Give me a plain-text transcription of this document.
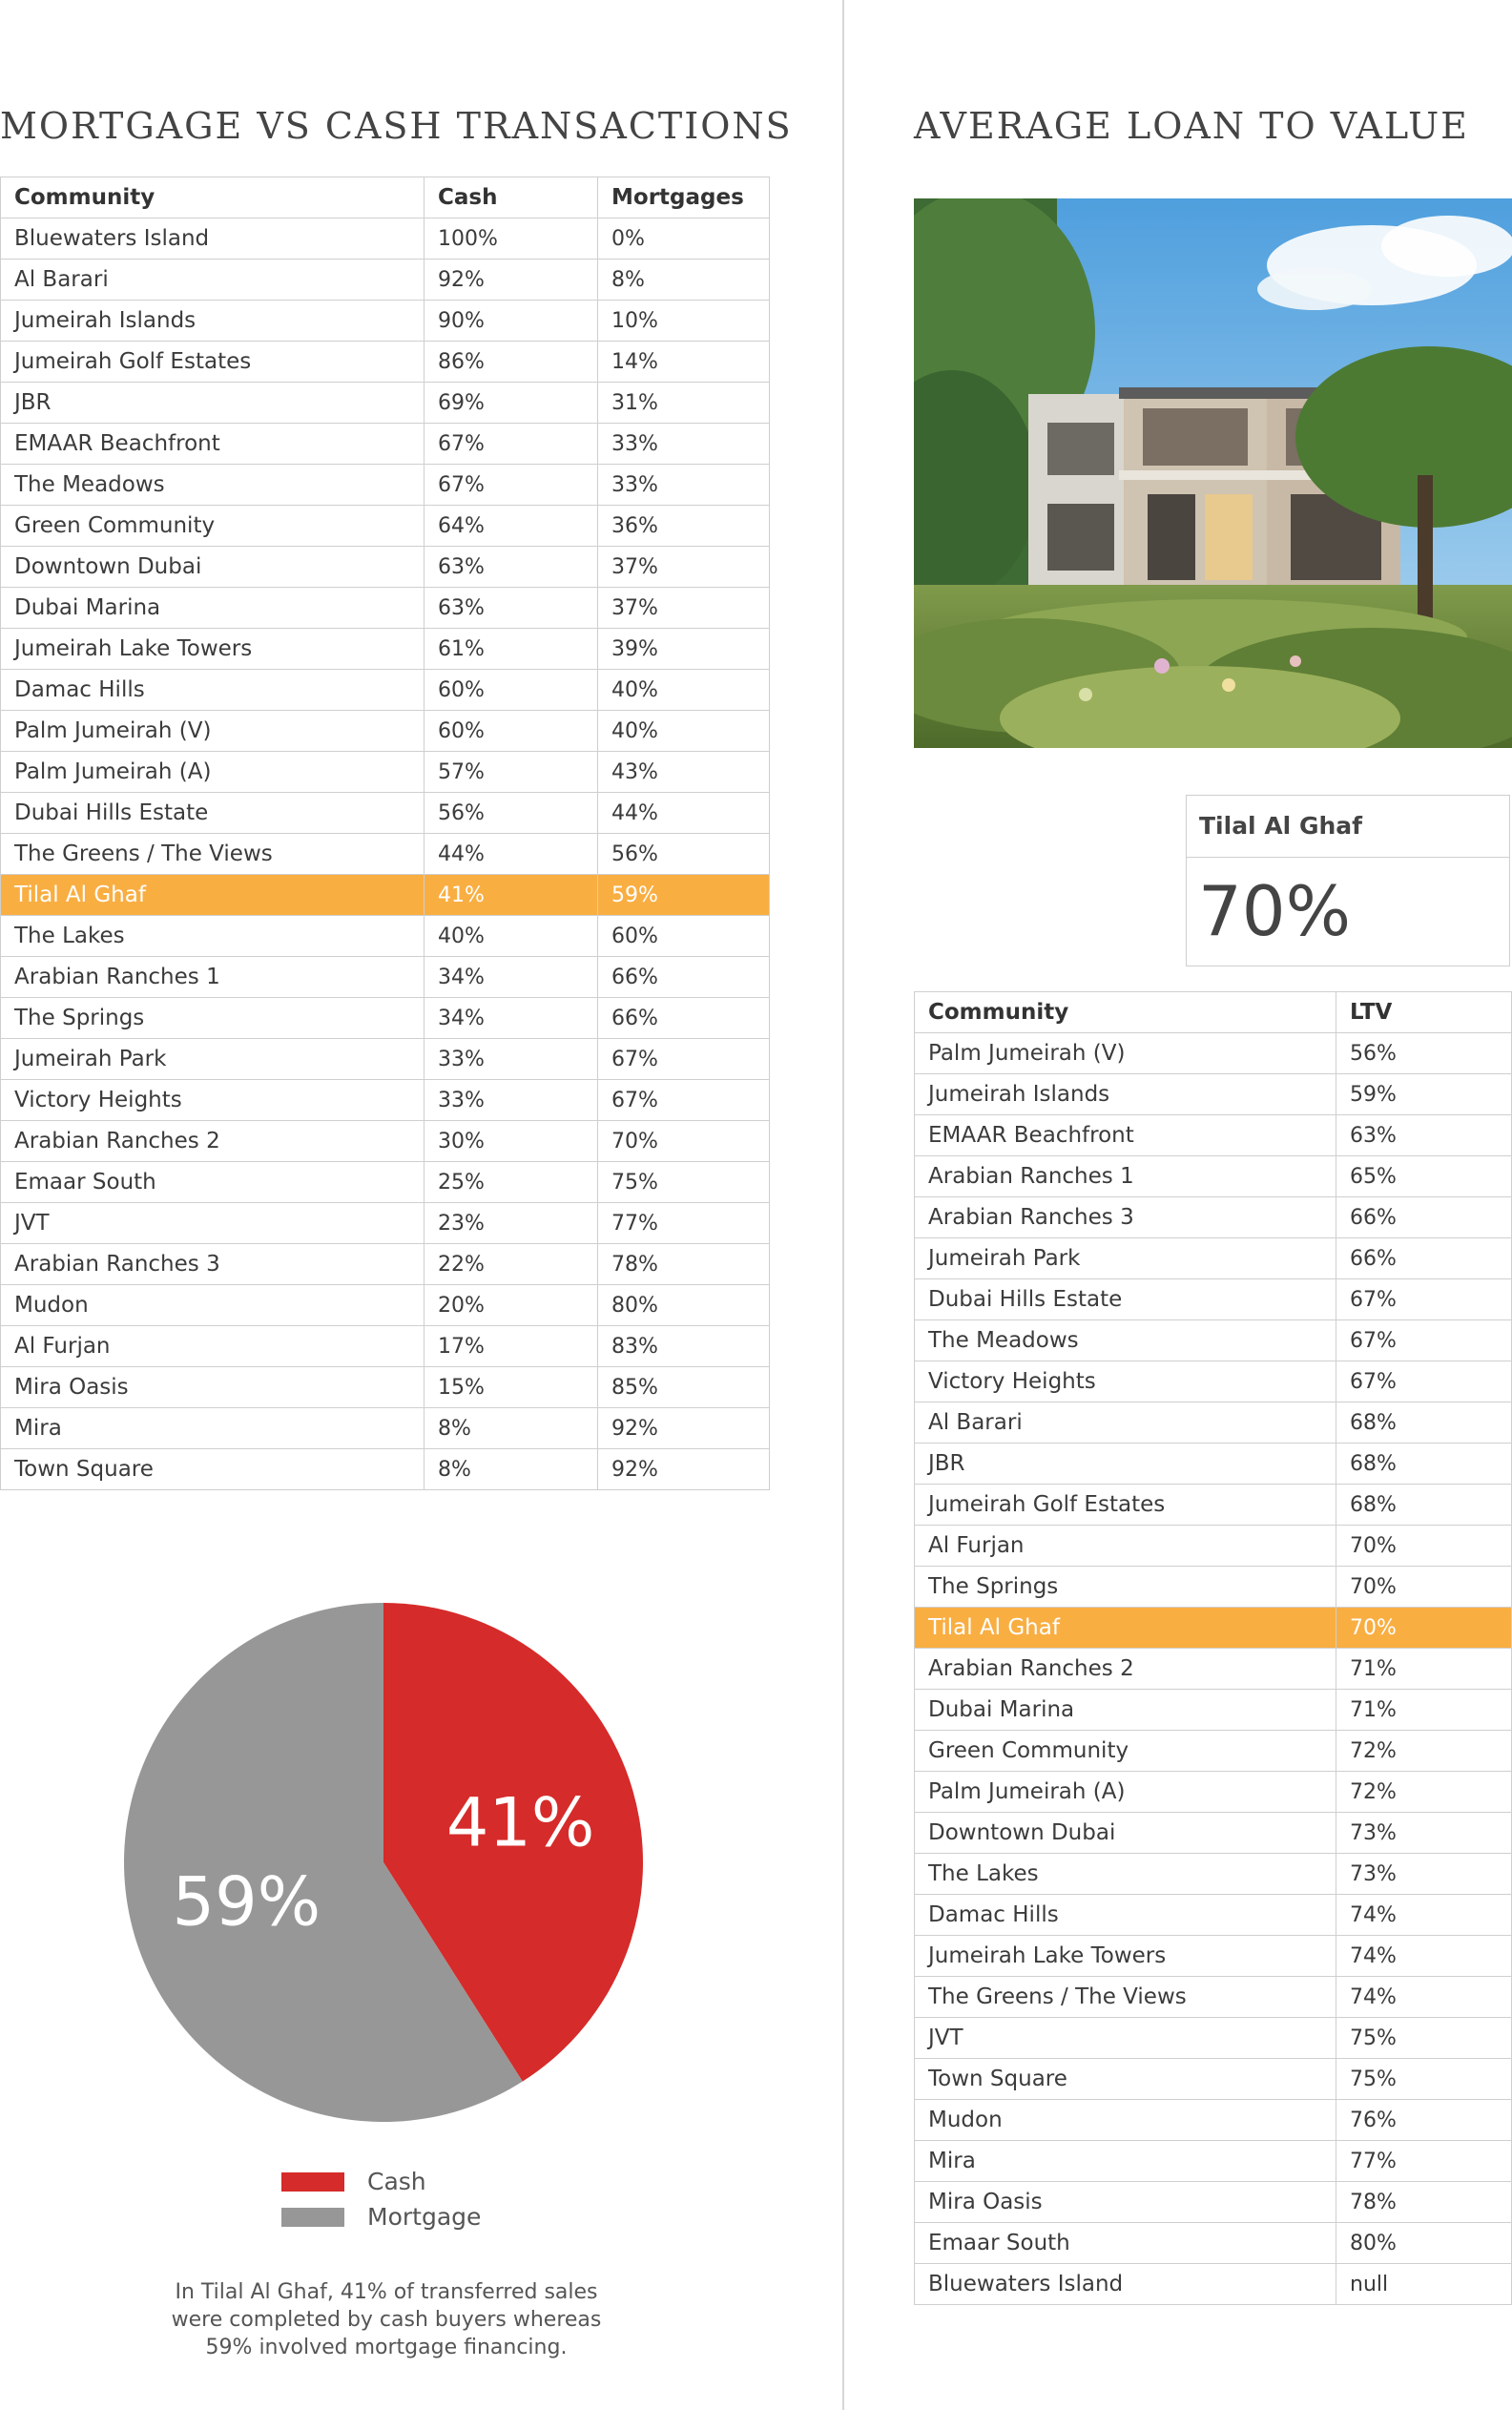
MORTGAGE VS CASH TRANSACTIONS	AVERAGE LOAN TO VALUE
Community	Cash	Mortgages
Bluewaters Island	100%	0%
Al Barari	92%	8%
Jumeirah Islands	90%	10%
Jumeirah Golf Estates	86%	14%
JBR	69%	31%
EMAAR Beachfront	67%	33%
The Meadows	67%	33%
Green Community	64%	36%
Downtown Dubai	63%	37%
Dubai Marina	63%	37%
Jumeirah Lake Towers	61%	39%
Damac Hills	60%	40%
Palm Jumeirah (V)	60%	40%
Palm Jumeirah (A)	57%	43%
Dubai Hills Estate	56%	44%
The Greens / The Views	44%	56%
Tilal Al Ghaf	41%	59%
The Lakes	40%	60%
Arabian Ranches 1	34%	66%
The Springs	34%	66%
Jumeirah Park	33%	67%
Victory Heights	33%	67%
Arabian Ranches 2	30%	70%
Emaar South	25%	75%
JVT	23%	77%
Arabian Ranches 3	22%	78%
Mudon	20%	80%
Al Furjan	17%	83%
Mira Oasis	15%	85%
Mira	8%	92%
Town Square	8%	92%
Tilal Al Ghaf
70%
Community	LTV
Palm Jumeirah (V)	56%
Jumeirah Islands	59%
EMAAR Beachfront	63%
Arabian Ranches 1	65%
Arabian Ranches 3	66%
Jumeirah Park	66%
Dubai Hills Estate	67%
The Meadows	67%
Victory Heights	67%
Al Barari	68%
JBR	68%
Jumeirah Golf Estates	68%
Al Furjan	70%
The Springs	70%
Tilal Al Ghaf	70%
Arabian Ranches 2	71%
Dubai Marina	71%
Green Community	72%
Palm Jumeirah (A)	72%
Downtown Dubai	73%
The Lakes	73%
Damac Hills	74%
Jumeirah Lake Towers	74%
The Greens / The Views	74%
JVT	75%
Town Square	75%
Mudon	76%
Mira	77%
Mira Oasis	78%
Emaar South	80%
Bluewaters Island	null
41%
59%
Cash
Mortgage
In Tilal Al Ghaf, 41% of transferred sales
were completed by cash buyers whereas
59% involved mortgage financing.
